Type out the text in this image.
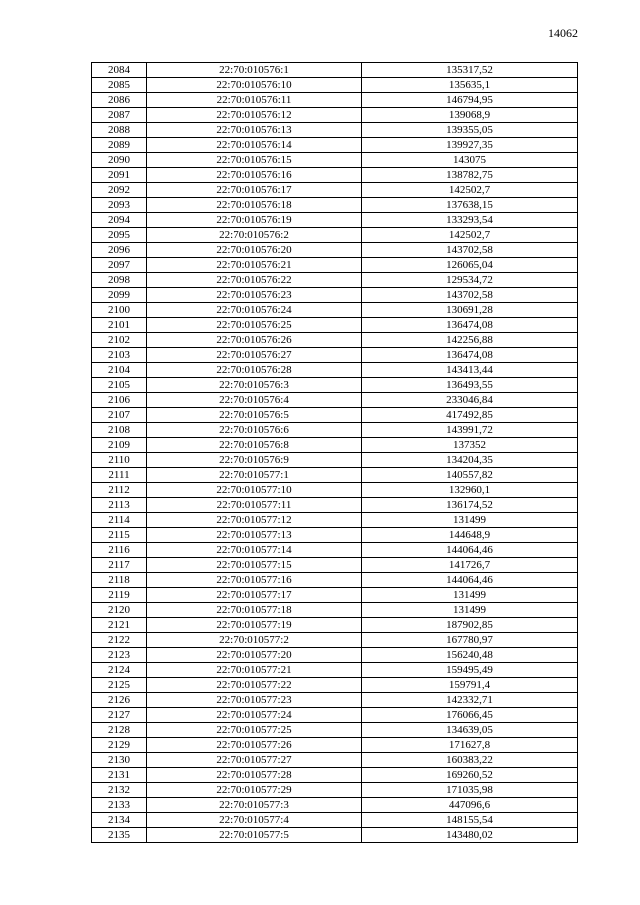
14062
2084	22:70:010576:1	135317,52
2085	22:70:010576:10	135635,1
2086	22:70:010576:11	146794,95
2087	22:70:010576:12	139068,9
2088	22:70:010576:13	139355,05
2089	22:70:010576:14	139927,35
2090	22:70:010576:15	143075
2091	22:70:010576:16	138782,75
2092	22:70:010576:17	142502,7
2093	22:70:010576:18	137638,15
2094	22:70:010576:19	133293,54
2095	22:70:010576:2	142502,7
2096	22:70:010576:20	143702,58
2097	22:70:010576:21	126065,04
2098	22:70:010576:22	129534,72
2099	22:70:010576:23	143702,58
2100	22:70:010576:24	130691,28
2101	22:70:010576:25	136474,08
2102	22:70:010576:26	142256,88
2103	22:70:010576:27	136474,08
2104	22:70:010576:28	143413,44
2105	22:70:010576:3	136493,55
2106	22:70:010576:4	233046,84
2107	22:70:010576:5	417492,85
2108	22:70:010576:6	143991,72
2109	22:70:010576:8	137352
2110	22:70:010576:9	134204,35
2111	22:70:010577:1	140557,82
2112	22:70:010577:10	132960,1
2113	22:70:010577:11	136174,52
2114	22:70:010577:12	131499
2115	22:70:010577:13	144648,9
2116	22:70:010577:14	144064,46
2117	22:70:010577:15	141726,7
2118	22:70:010577:16	144064,46
2119	22:70:010577:17	131499
2120	22:70:010577:18	131499
2121	22:70:010577:19	187902,85
2122	22:70:010577:2	167780,97
2123	22:70:010577:20	156240,48
2124	22:70:010577:21	159495,49
2125	22:70:010577:22	159791,4
2126	22:70:010577:23	142332,71
2127	22:70:010577:24	176066,45
2128	22:70:010577:25	134639,05
2129	22:70:010577:26	171627,8
2130	22:70:010577:27	160383,22
2131	22:70:010577:28	169260,52
2132	22:70:010577:29	171035,98
2133	22:70:010577:3	447096,6
2134	22:70:010577:4	148155,54
2135	22:70:010577:5	143480,02
